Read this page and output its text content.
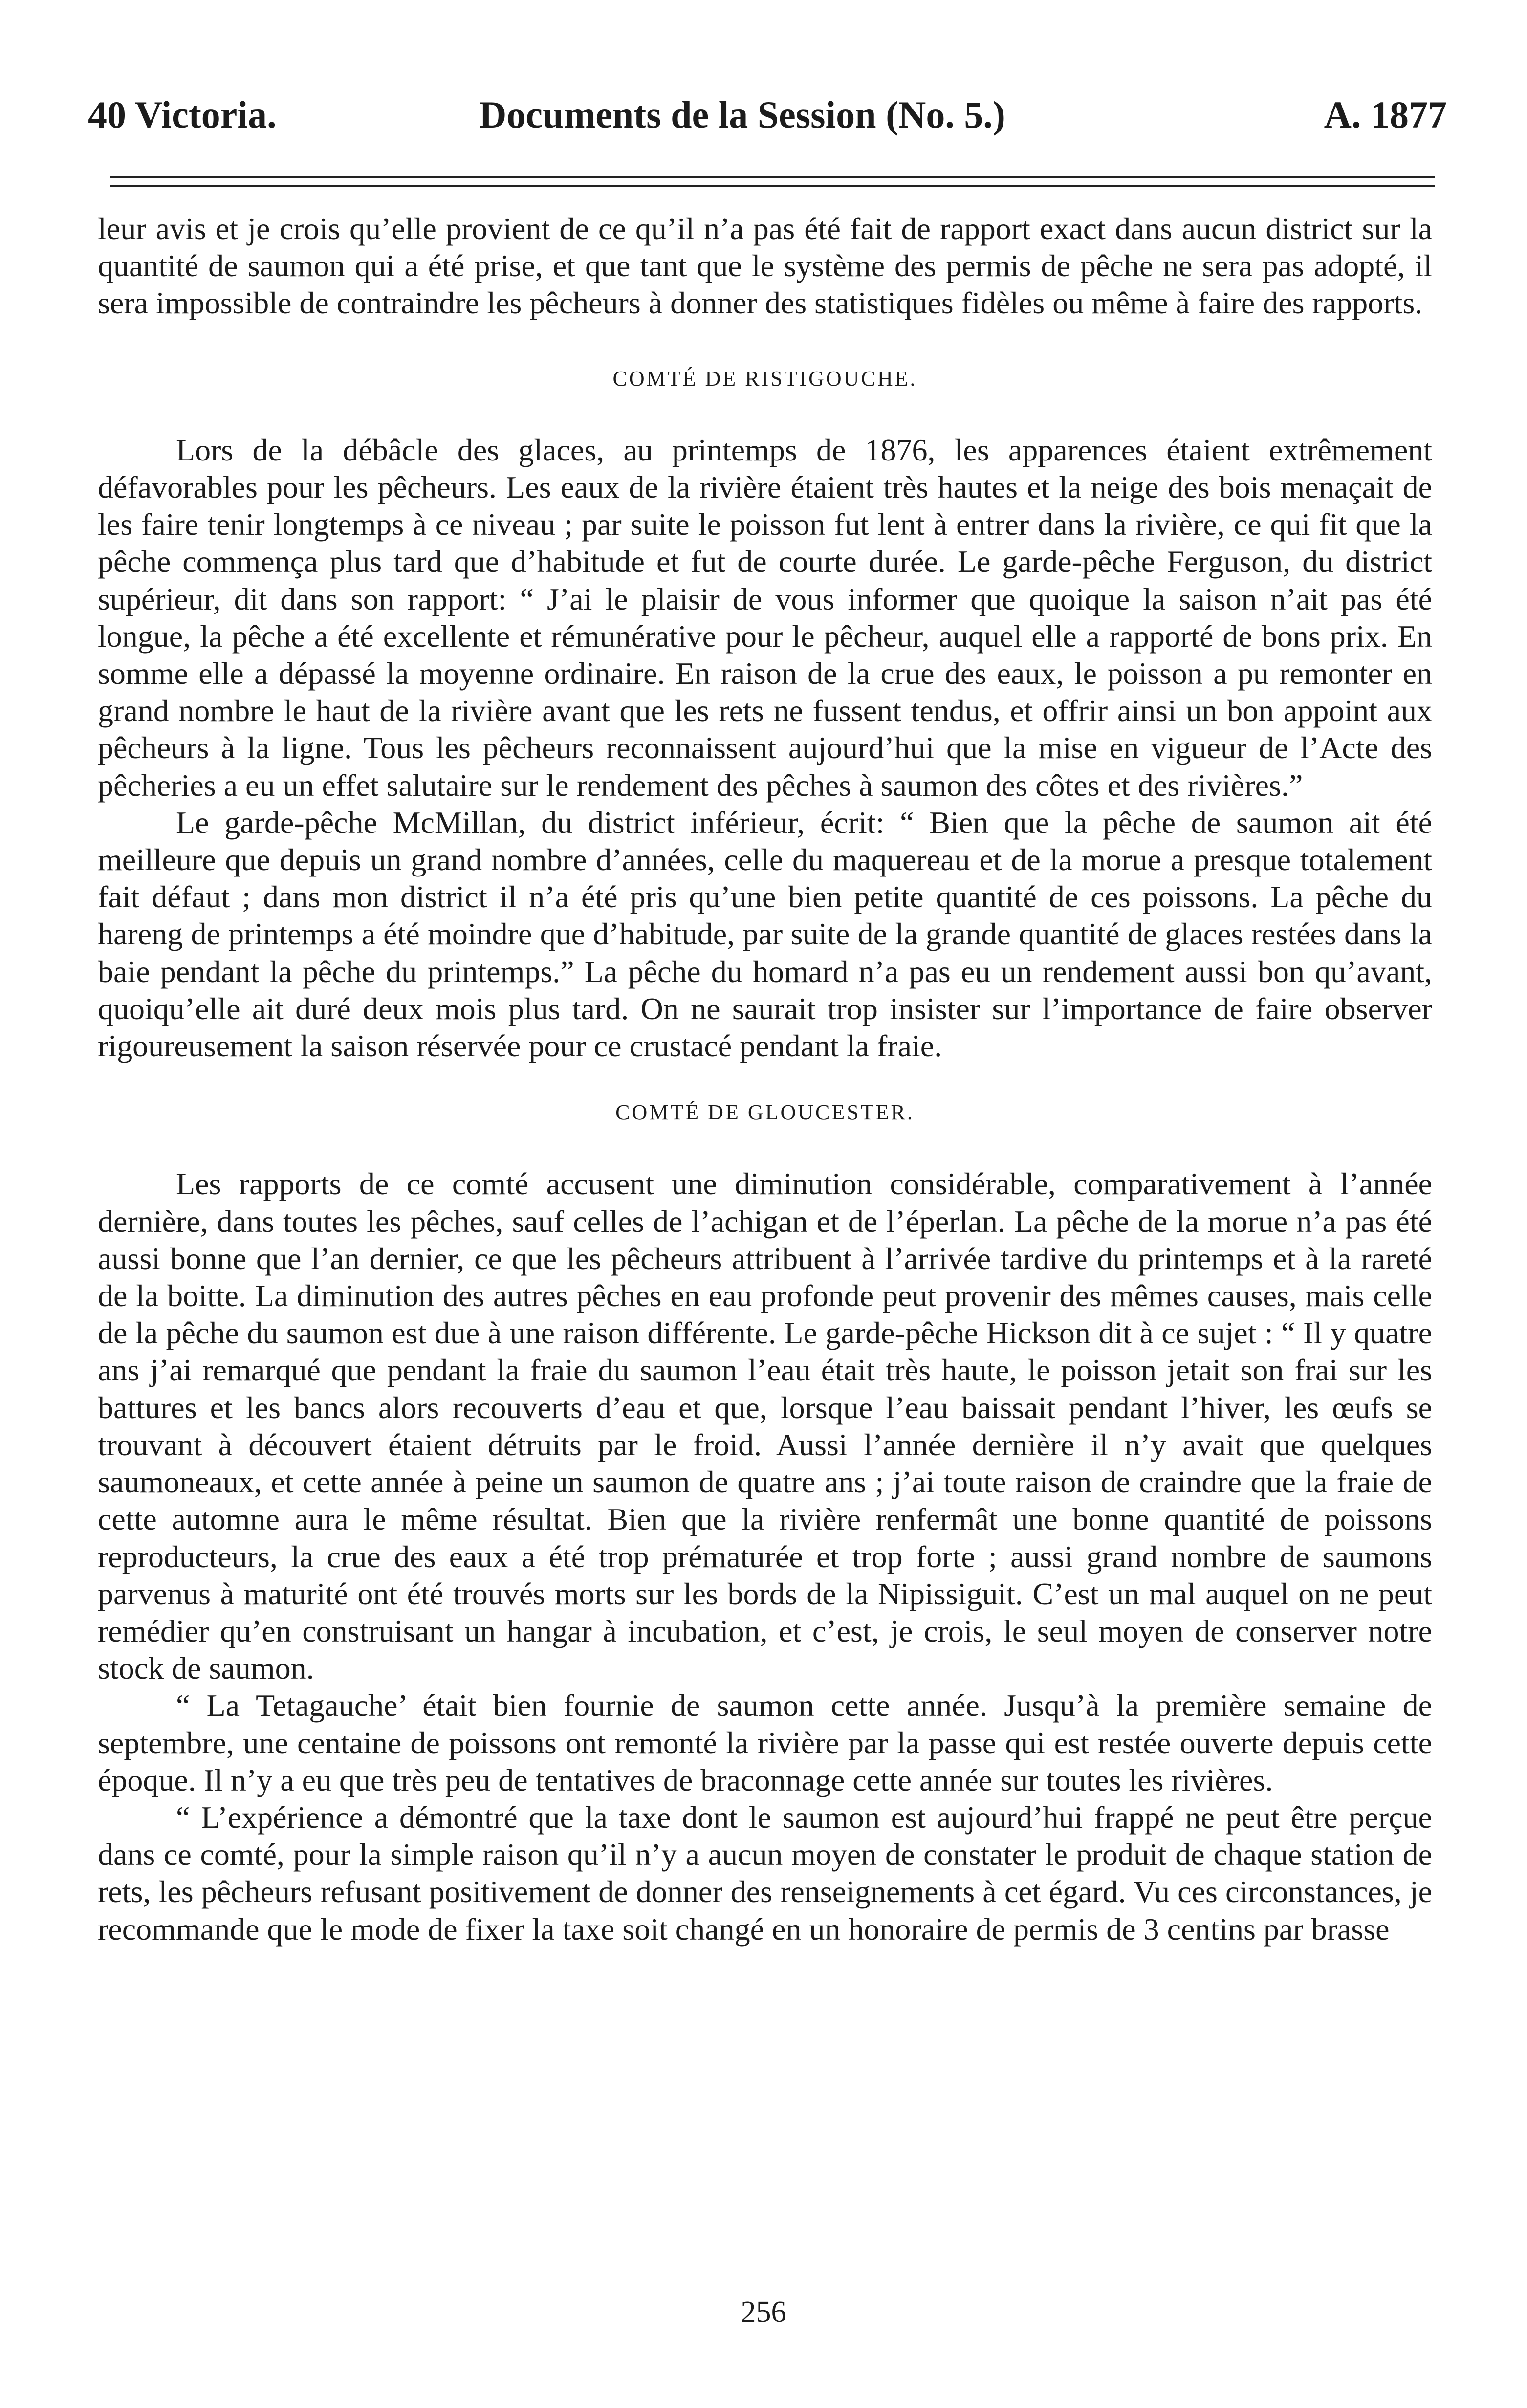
40 Victoria.	Documents de la Session (No. 5.)	A. 1877

leur avis et je crois qu’elle provient de ce qu’il n’a pas été fait de rapport exact dans aucun district sur la quantité de saumon qui a été prise, et que tant que le système des permis de pêche ne sera pas adopté, il sera impossible de contraindre les pêcheurs à donner des statistiques fidèles ou même à faire des rapports.

COMTÉ DE RISTIGOUCHE.

Lors de la débâcle des glaces, au printemps de 1876, les apparences étaient extrêmement défavorables pour les pêcheurs. Les eaux de la rivière étaient très hautes et la neige des bois menaçait de les faire tenir longtemps à ce niveau ; par suite le poisson fut lent à entrer dans la rivière, ce qui fit que la pêche commença plus tard que d’habitude et fut de courte durée. Le garde-pêche Ferguson, du district supérieur, dit dans son rapport: “ J’ai le plaisir de vous informer que quoique la saison n’ait pas été longue, la pêche a été excellente et rémunérative pour le pêcheur, auquel elle a rapporté de bons prix. En somme elle a dépassé la moyenne ordinaire. En raison de la crue des eaux, le poisson a pu remonter en grand nombre le haut de la rivière avant que les rets ne fussent tendus, et offrir ainsi un bon appoint aux pêcheurs à la ligne. Tous les pêcheurs reconnaissent aujourd’hui que la mise en vigueur de l’Acte des pêcheries a eu un effet salutaire sur le rendement des pêches à saumon des côtes et des rivières.”

Le garde-pêche McMillan, du district inférieur, écrit: “ Bien que la pêche de saumon ait été meilleure que depuis un grand nombre d’années, celle du maquereau et de la morue a presque totalement fait défaut ; dans mon district il n’a été pris qu’une bien petite quantité de ces poissons. La pêche du hareng de printemps a été moindre que d’habitude, par suite de la grande quantité de glaces restées dans la baie pendant la pêche du printemps.” La pêche du homard n’a pas eu un rendement aussi bon qu’avant, quoiqu’elle ait duré deux mois plus tard. On ne saurait trop insister sur l’importance de faire observer rigoureusement la saison réservée pour ce crustacé pendant la fraie.

COMTÉ DE GLOUCESTER.

Les rapports de ce comté accusent une diminution considérable, comparativement à l’année dernière, dans toutes les pêches, sauf celles de l’achigan et de l’éperlan. La pêche de la morue n’a pas été aussi bonne que l’an dernier, ce que les pêcheurs attribuent à l’arrivée tardive du printemps et à la rareté de la boitte. La diminution des autres pêches en eau profonde peut provenir des mêmes causes, mais celle de la pêche du saumon est due à une raison différente. Le garde-pêche Hickson dit à ce sujet : “ Il y quatre ans j’ai remarqué que pendant la fraie du saumon l’eau était très haute, le poisson jetait son frai sur les battures et les bancs alors recouverts d’eau et que, lorsque l’eau baissait pendant l’hiver, les œufs se trouvant à découvert étaient détruits par le froid. Aussi l’année dernière il n’y avait que quelques saumoneaux, et cette année à peine un saumon de quatre ans ; j’ai toute raison de craindre que la fraie de cette automne aura le même résultat. Bien que la rivière renfermât une bonne quantité de poissons reproducteurs, la crue des eaux a été trop prématurée et trop forte ; aussi grand nombre de saumons parvenus à maturité ont été trouvés morts sur les bords de la Nipissiguit. C’est un mal auquel on ne peut remédier qu’en construisant un hangar à incubation, et c’est, je crois, le seul moyen de conserver notre stock de saumon.

“ La Tetagauche’ était bien fournie de saumon cette année. Jusqu’à la première semaine de septembre, une centaine de poissons ont remonté la rivière par la passe qui est restée ouverte depuis cette époque. Il n’y a eu que très peu de tentatives de braconnage cette année sur toutes les rivières.

“ L’expérience a démontré que la taxe dont le saumon est aujourd’hui frappé ne peut être perçue dans ce comté, pour la simple raison qu’il n’y a aucun moyen de constater le produit de chaque station de rets, les pêcheurs refusant positivement de donner des renseignements à cet égard. Vu ces circonstances, je recommande que le mode de fixer la taxe soit changé en un honoraire de permis de 3 centins par brasse

256
